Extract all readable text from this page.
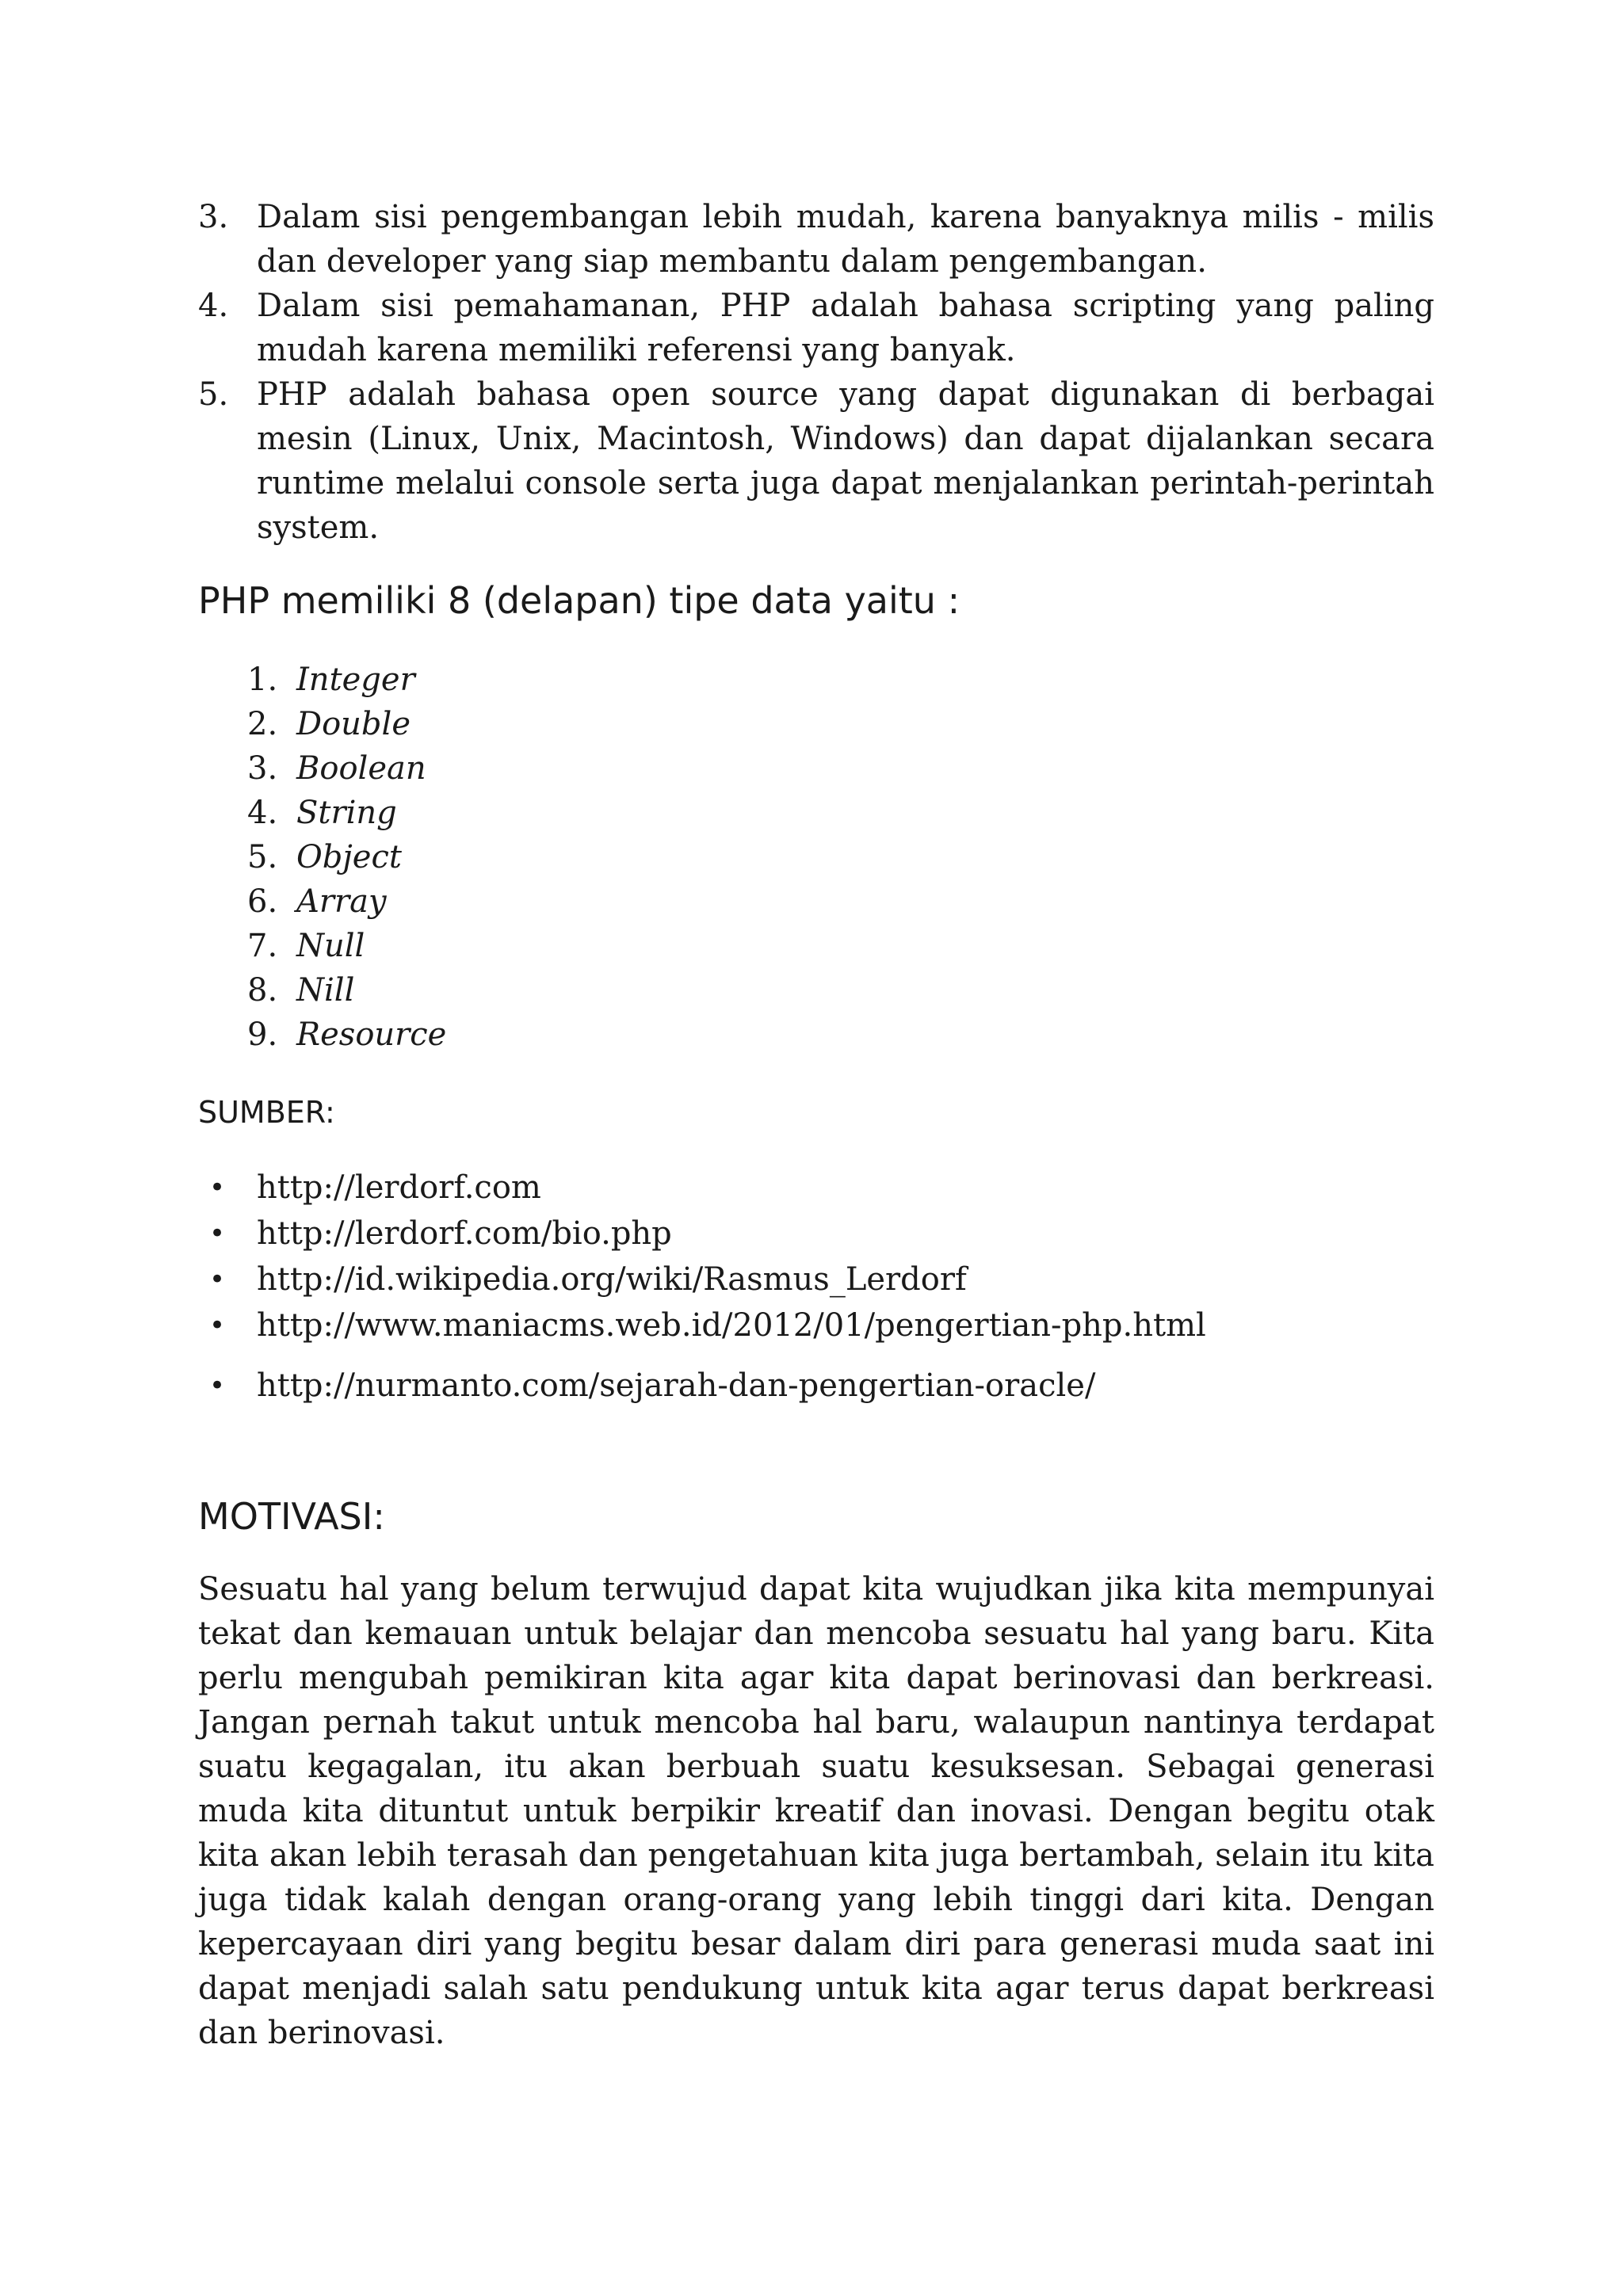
3. Dalam sisi pengembangan lebih mudah, karena banyaknya milis - milis dan developer yang siap membantu dalam pengembangan.
4. Dalam sisi pemahamanan, PHP adalah bahasa scripting yang paling mudah karena memiliki referensi yang banyak.
5. PHP adalah bahasa open source yang dapat digunakan di berbagai mesin (Linux, Unix, Macintosh, Windows) dan dapat dijalankan secara runtime melalui console serta juga dapat menjalankan perintah-perintah system.
PHP memiliki 8 (delapan) tipe data yaitu :
1. Integer
2. Double
3. Boolean
4. String
5. Object
6. Array
7. Null
8. Nill
9. Resource
SUMBER:
• http://lerdorf.com
• http://lerdorf.com/bio.php
• http://id.wikipedia.org/wiki/Rasmus_Lerdorf
• http://www.maniacms.web.id/2012/01/pengertian-php.html
• http://nurmanto.com/sejarah-dan-pengertian-oracle/
MOTIVASI:

Sesuatu hal yang belum terwujud dapat kita wujudkan jika kita mempunyai tekat dan kemauan untuk belajar dan mencoba sesuatu hal yang baru. Kita perlu mengubah pemikiran kita agar kita dapat berinovasi dan berkreasi. Jangan pernah takut untuk mencoba hal baru, walaupun nantinya terdapat suatu kegagalan, itu akan berbuah suatu kesuksesan. Sebagai generasi muda kita dituntut untuk berpikir kreatif dan inovasi. Dengan begitu otak kita akan lebih terasah dan pengetahuan kita juga bertambah, selain itu kita juga tidak kalah dengan orang-orang yang lebih tinggi dari kita. Dengan kepercayaan diri yang begitu besar dalam diri para generasi muda saat ini dapat menjadi salah satu pendukung untuk kita agar terus dapat berkreasi dan berinovasi.
